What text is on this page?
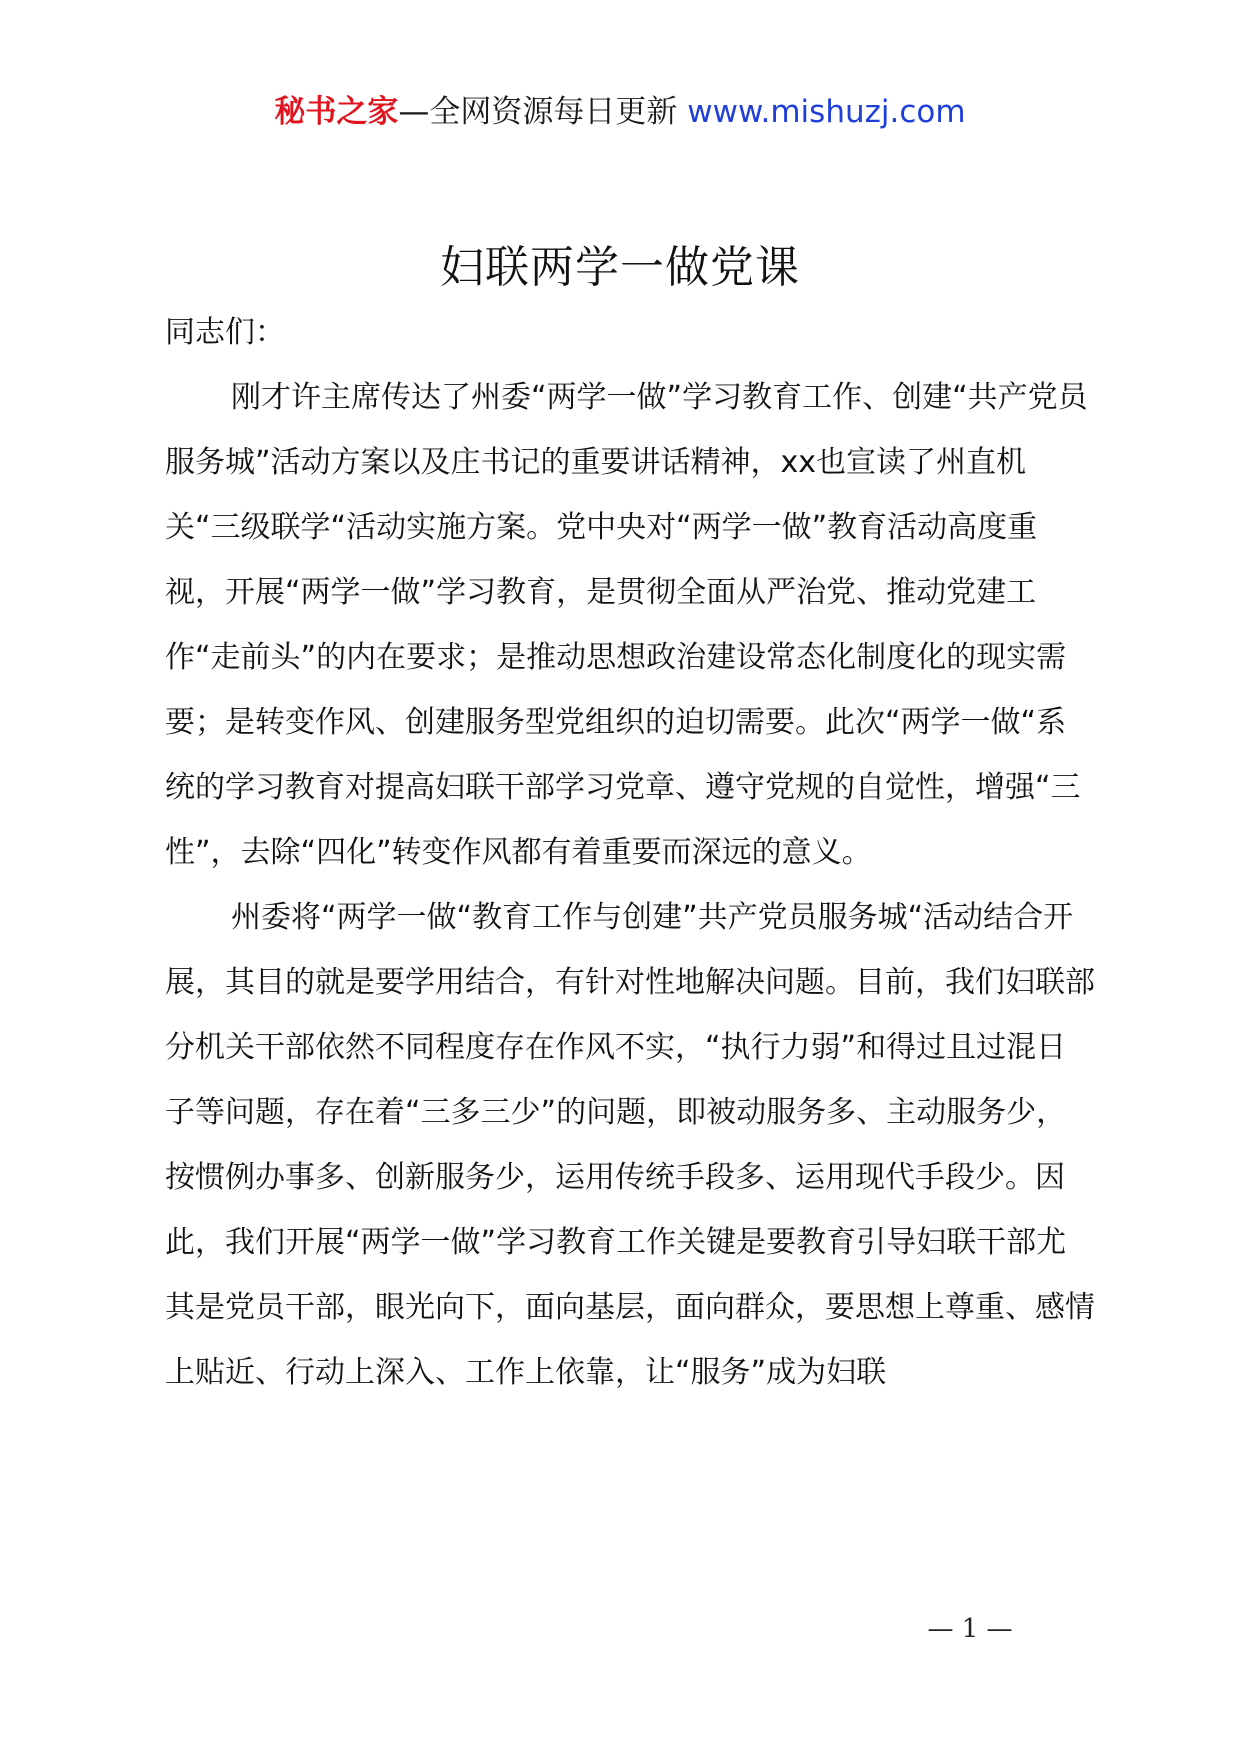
秘书之家—全网资源每日更新 www.mishuzj.com
妇联两学一做党课

同志们：

刚才许主席传达了州委“两学一做”学习教育工作、创建“共产党员服务城”活动方案以及庄书记的重要讲话精神，xx也宣读了州直机关“三级联学“活动实施方案。党中央对“两学一做”教育活动高度重视，开展“两学一做”学习教育，是贯彻全面从严治党、推动党建工作“走前头”的内在要求；是推动思想政治建设常态化制度化的现实需要；是转变作风、创建服务型党组织的迫切需要。此次“两学一做“系统的学习教育对提高妇联干部学习党章、遵守党规的自觉性，增强“三性”，去除“四化”转变作风都有着重要而深远的意义。

州委将“两学一做“教育工作与创建”共产党员服务城“活动结合开展，其目的就是要学用结合，有针对性地解决问题。目前，我们妇联部分机关干部依然不同程度存在作风不实，“执行力弱”和得过且过混日子等问题，存在着“三多三少”的问题，即被动服务多、主动服务少，按惯例办事多、创新服务少，运用传统手段多、运用现代手段少。因此，我们开展“两学一做”学习教育工作关键是要教育引导妇联干部尤其是党员干部，眼光向下，面向基层，面向群众，要思想上尊重、感情上贴近、行动上深入、工作上依靠，让“服务”成为妇联

— 1 —
